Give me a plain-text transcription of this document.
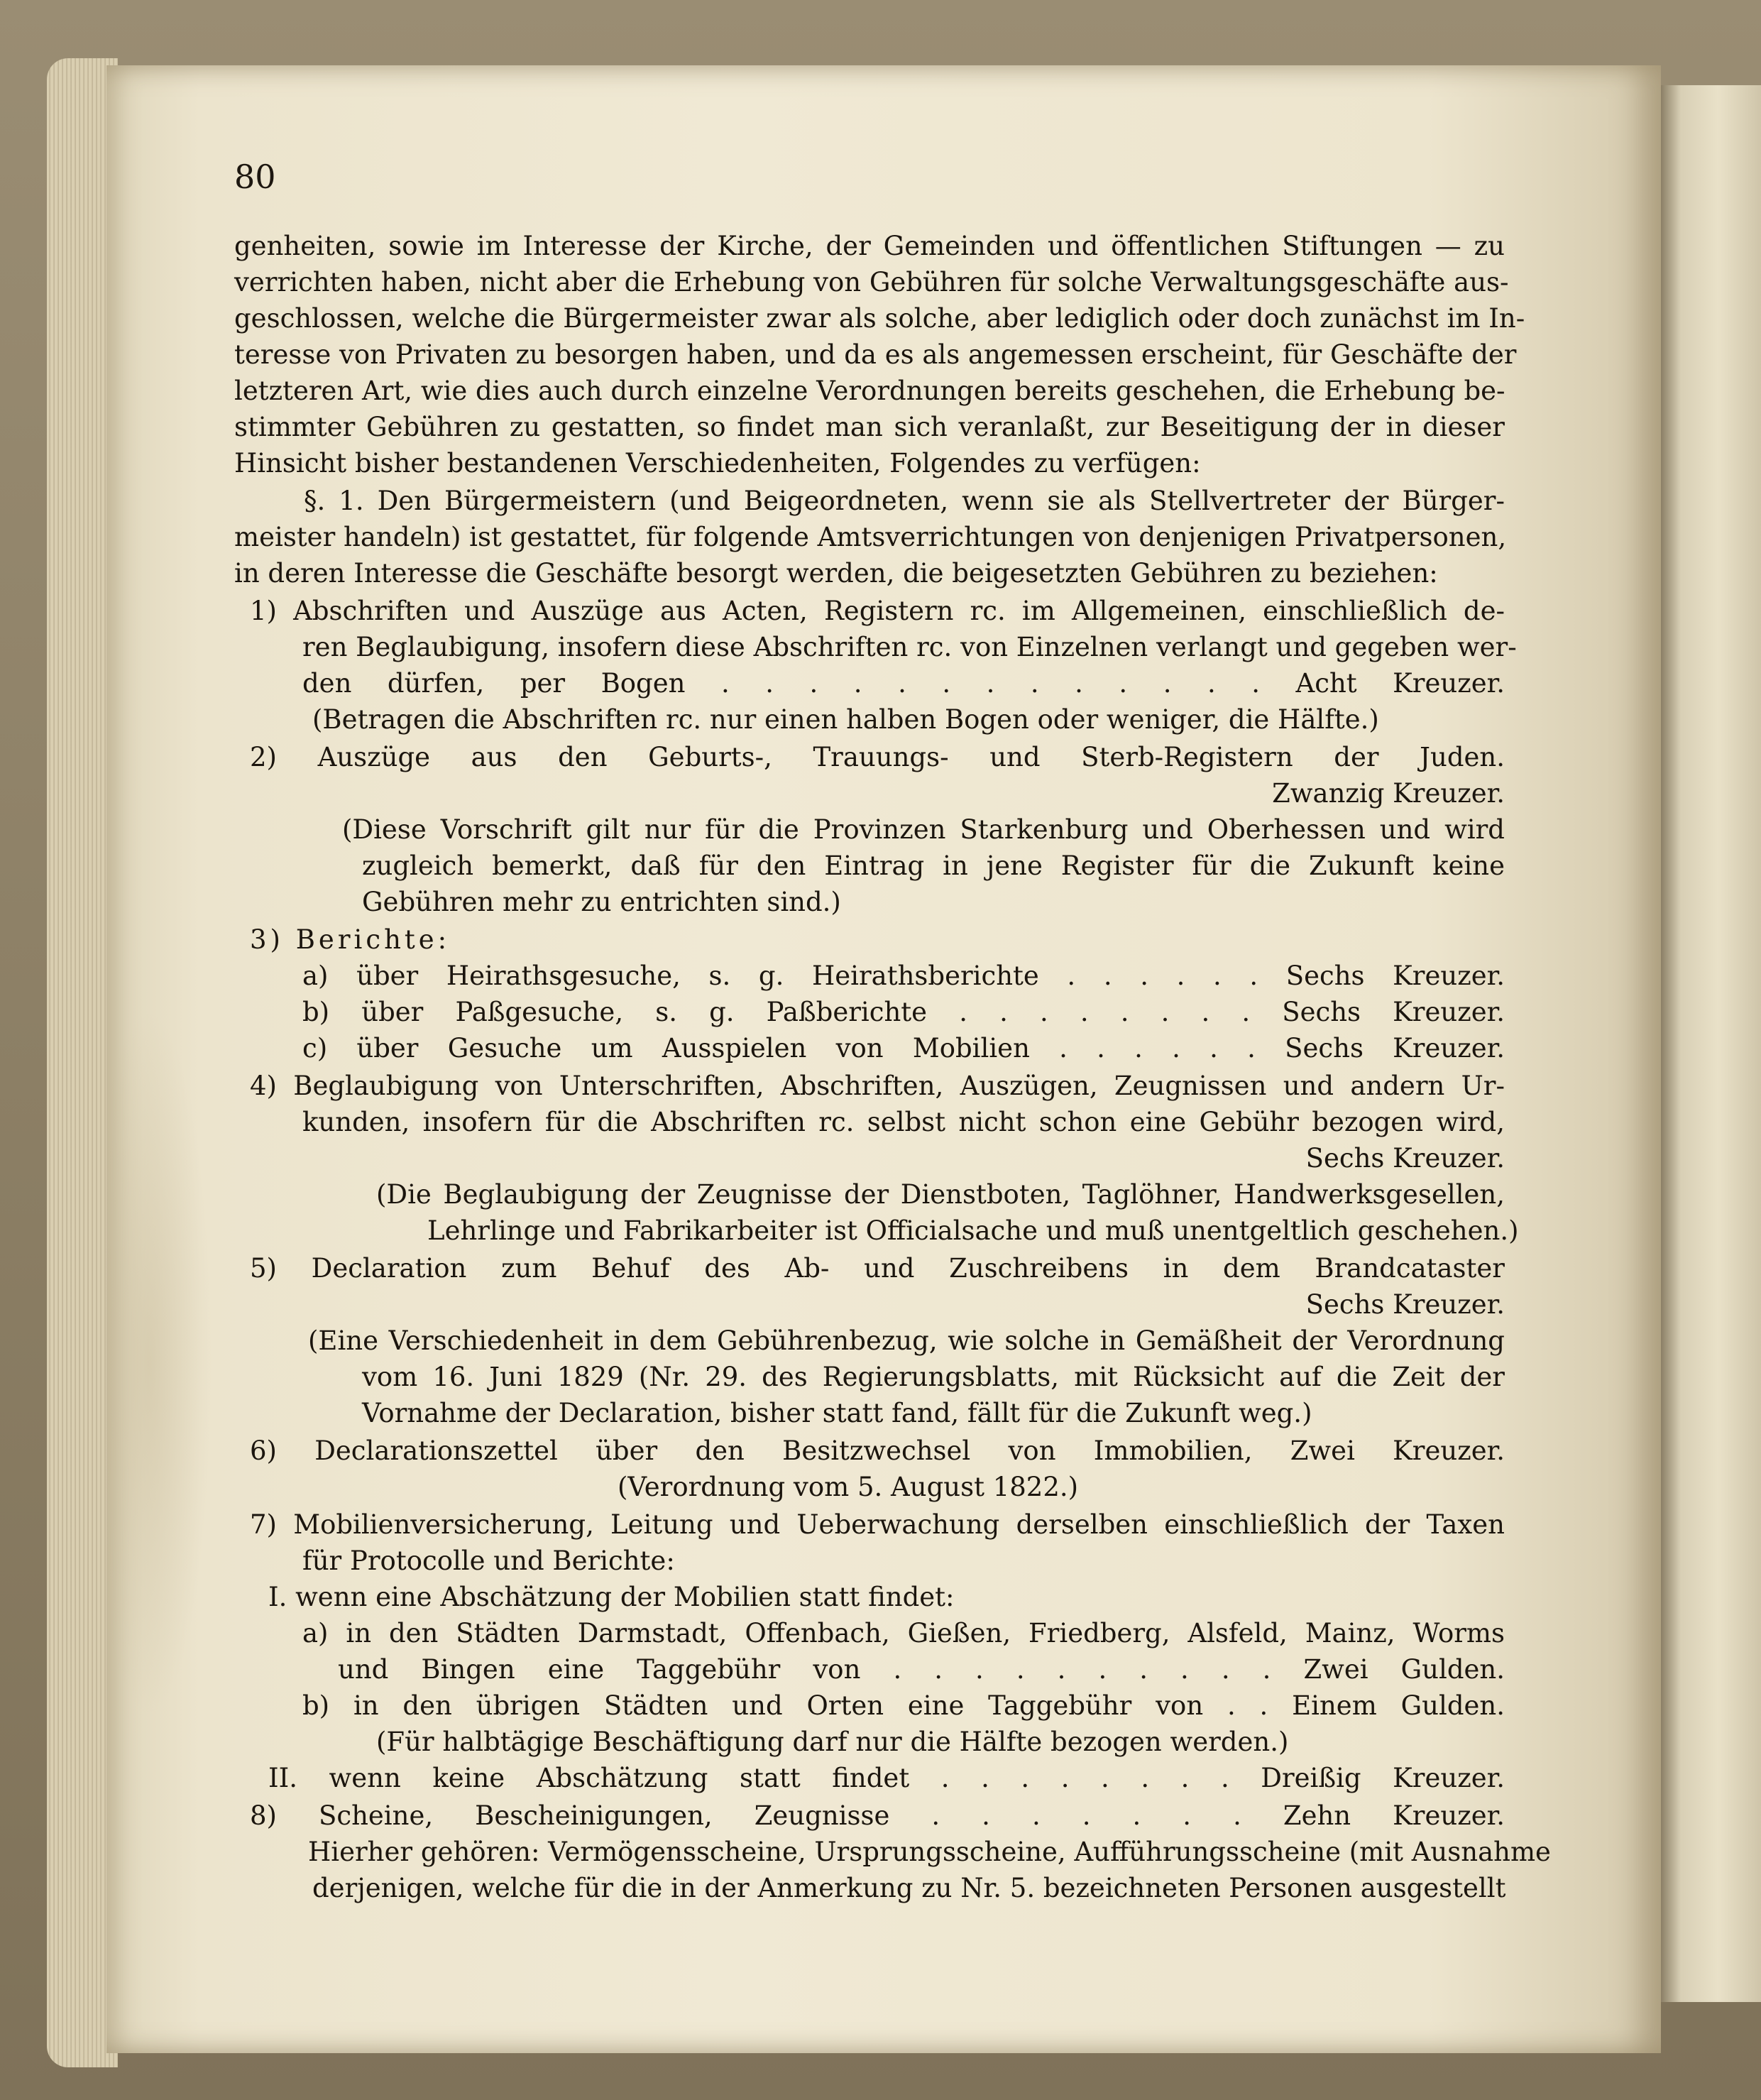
80
genheiten, sowie im Interesse der Kirche, der Gemeinden und öffentlichen Stiftungen — zu
verrichten haben, nicht aber die Erhebung von Gebühren für solche Verwaltungsgeschäfte aus-
geschlossen, welche die Bürgermeister zwar als solche, aber lediglich oder doch zunächst im In-
teresse von Privaten zu besorgen haben, und da es als angemessen erscheint, für Geschäfte der
letzteren Art, wie dies auch durch einzelne Verordnungen bereits geschehen, die Erhebung be-
stimmter Gebühren zu gestatten, so findet man sich veranlaßt, zur Beseitigung der in dieser
Hinsicht bisher bestandenen Verschiedenheiten, Folgendes zu verfügen:
§. 1. Den Bürgermeistern (und Beigeordneten, wenn sie als Stellvertreter der Bürger-
meister handeln) ist gestattet, für folgende Amtsverrichtungen von denjenigen Privatpersonen,
in deren Interesse die Geschäfte besorgt werden, die beigesetzten Gebühren zu beziehen:
1) Abschriften und Auszüge aus Acten, Registern rc. im Allgemeinen, einschließlich de-
ren Beglaubigung, insofern diese Abschriften rc. von Einzelnen verlangt und gegeben wer-
den dürfen, per Bogen . . . . . . . . . . . . . Acht Kreuzer.
(Betragen die Abschriften rc. nur einen halben Bogen oder weniger, die Hälfte.)
2) Auszüge aus den Geburts-, Trauungs- und Sterb-Registern der Juden.
Zwanzig Kreuzer.
(Diese Vorschrift gilt nur für die Provinzen Starkenburg und Oberhessen und wird
zugleich bemerkt, daß für den Eintrag in jene Register für die Zukunft keine
Gebühren mehr zu entrichten sind.)
3) Berichte:
a) über Heirathsgesuche, s. g. Heirathsberichte . . . . . . Sechs Kreuzer.
b) über Paßgesuche, s. g. Paßberichte . . . . . . . . Sechs Kreuzer.
c) über Gesuche um Ausspielen von Mobilien . . . . . . Sechs Kreuzer.
4) Beglaubigung von Unterschriften, Abschriften, Auszügen, Zeugnissen und andern Ur-
kunden, insofern für die Abschriften rc. selbst nicht schon eine Gebühr bezogen wird,
Sechs Kreuzer.
(Die Beglaubigung der Zeugnisse der Dienstboten, Taglöhner, Handwerksgesellen,
Lehrlinge und Fabrikarbeiter ist Officialsache und muß unentgeltlich geschehen.)
5) Declaration zum Behuf des Ab- und Zuschreibens in dem Brandcataster
Sechs Kreuzer.
(Eine Verschiedenheit in dem Gebührenbezug, wie solche in Gemäßheit der Verordnung
vom 16. Juni 1829 (Nr. 29. des Regierungsblatts, mit Rücksicht auf die Zeit der
Vornahme der Declaration, bisher statt fand, fällt für die Zukunft weg.)
6) Declarationszettel über den Besitzwechsel von Immobilien, Zwei Kreuzer.
(Verordnung vom 5. August 1822.)
7) Mobilienversicherung, Leitung und Ueberwachung derselben einschließlich der Taxen
für Protocolle und Berichte:
I. wenn eine Abschätzung der Mobilien statt findet:
a) in den Städten Darmstadt, Offenbach, Gießen, Friedberg, Alsfeld, Mainz, Worms
und Bingen eine Taggebühr von . . . . . . . . . . Zwei Gulden.
b) in den übrigen Städten und Orten eine Taggebühr von . . Einem Gulden.
(Für halbtägige Beschäftigung darf nur die Hälfte bezogen werden.)
II. wenn keine Abschätzung statt findet . . . . . . . . Dreißig Kreuzer.
8) Scheine, Bescheinigungen, Zeugnisse . . . . . . . Zehn Kreuzer.
Hierher gehören: Vermögensscheine, Ursprungsscheine, Aufführungsscheine (mit Ausnahme
derjenigen, welche für die in der Anmerkung zu Nr. 5. bezeichneten Personen ausgestellt
